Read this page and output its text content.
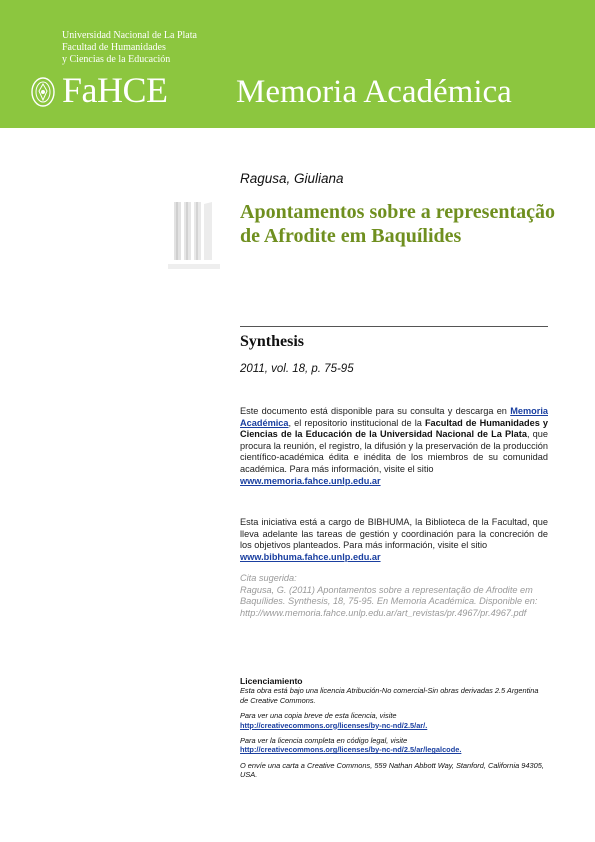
Universidad Nacional de La Plata
Facultad de Humanidades
y Ciencias de la Educación
FaHCE Memoria Académica
Ragusa, Giuliana
Apontamentos sobre a representação de Afrodite em Baquílides
Synthesis
2011, vol. 18, p. 75-95
Este documento está disponible para su consulta y descarga en Memoria Académica, el repositorio institucional de la Facultad de Humanidades y Ciencias de la Educación de la Universidad Nacional de La Plata, que procura la reunión, el registro, la difusión y la preservación de la producción científico-académica édita e inédita de los miembros de su comunidad académica. Para más información, visite el sitio
www.memoria.fahce.unlp.edu.ar
Esta iniciativa está a cargo de BIBHUMA, la Biblioteca de la Facultad, que lleva adelante las tareas de gestión y coordinación para la concreción de los objetivos planteados. Para más información, visite el sitio
www.bibhuma.fahce.unlp.edu.ar
Cita sugerida:
Ragusa, G. (2011) Apontamentos sobre a representação de Afrodite em Baquílides. Synthesis, 18, 75-95. En Memoria Académica. Disponible en:
http://www.memoria.fahce.unlp.edu.ar/art_revistas/pr.4967/pr.4967.pdf
Licenciamiento
Esta obra está bajo una licencia Atribución-No comercial-Sin obras derivadas 2.5 Argentina de Creative Commons.
Para ver una copia breve de esta licencia, visite
http://creativecommons.org/licenses/by-nc-nd/2.5/ar/.
Para ver la licencia completa en código legal, visite
http://creativecommons.org/licenses/by-nc-nd/2.5/ar/legalcode.
O envíe una carta a Creative Commons, 559 Nathan Abbott Way, Stanford, California 94305, USA.
